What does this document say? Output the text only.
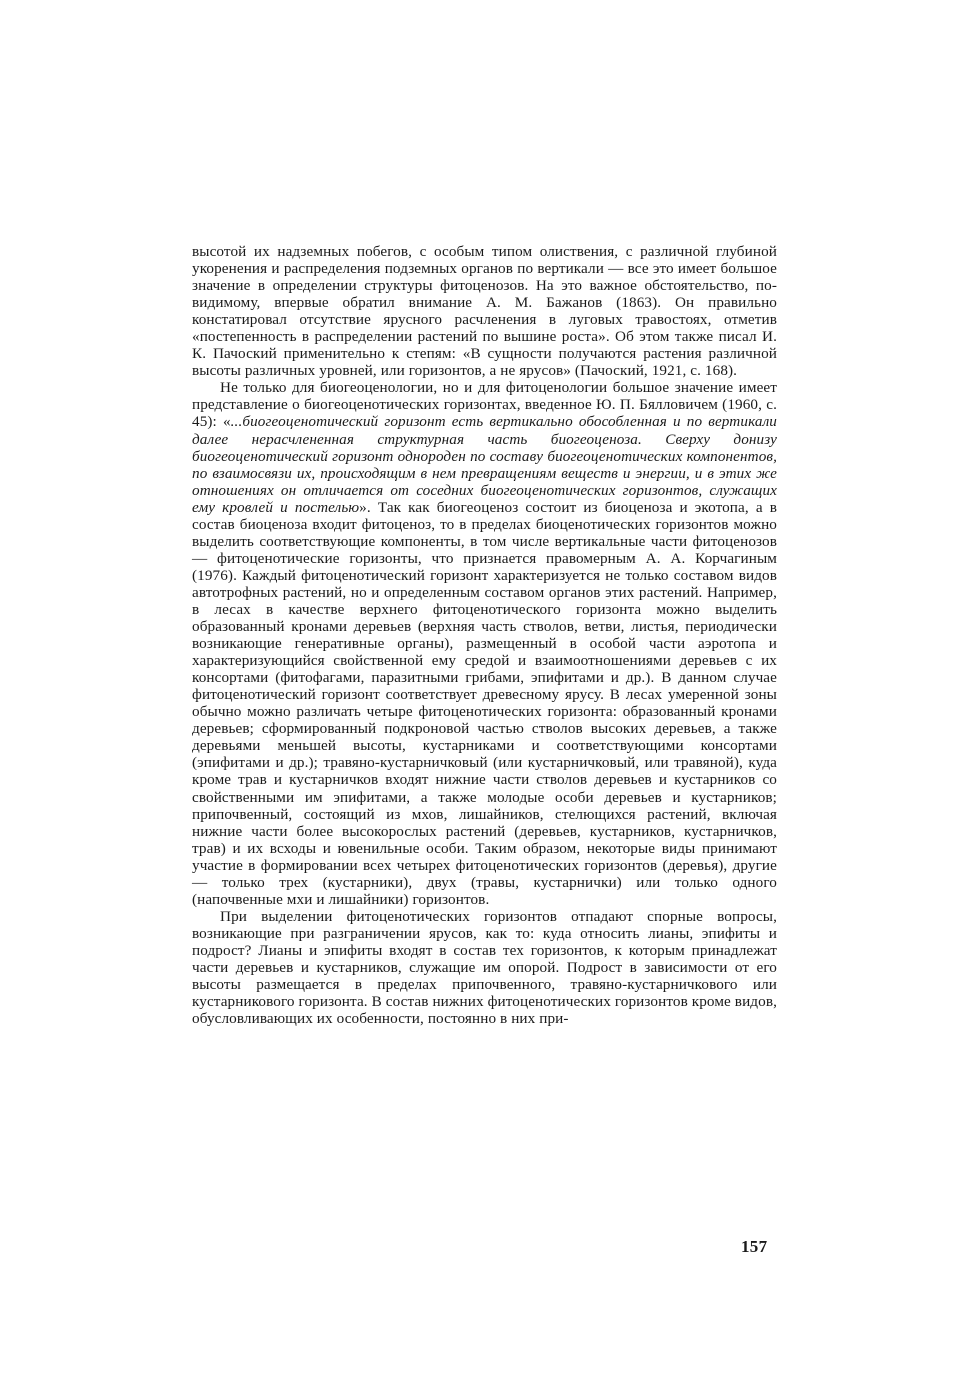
высотой их надземных побегов, с особым типом олиствения, с различной глубиной укоренения и распределения подземных органов по вертикали — все это имеет большое значение в определении структуры фитоценозов. На это важное обстоятельство, по-видимому, впервые обратил внимание А. М. Бажанов (1863). Он правильно констатировал отсутствие ярусного расчленения в луговых травостоях, отметив «постепенность в распределении растений по вышине роста». Об этом также писал И. К. Пачоский применительно к степям: «В сущности получаются растения различной высоты различных уровней, или горизонтов, а не ярусов» (Пачоский, 1921, с. 168).

Не только для биогеоценологии, но и для фитоценологии большое значение имеет представление о биогеоценотических горизонтах, введенное Ю. П. Бялловичем (1960, с. 45): «...биогеоценотический горизонт есть вертикально обособленная и по вертикали далее нерасчлененная структурная часть биогеоценоза. Сверху донизу биогеоценотический горизонт однороден по составу биогеоценотических компонентов, по взаимосвязи их, происходящим в нем превращениям веществ и энергии, и в этих же отношениях он отличается от соседних биогеоценотических горизонтов, служащих ему кровлей и постелью». Так как биогеоценоз состоит из биоценоза и экотопа, а в состав биоценоза входит фитоценоз, то в пределах биоценотических горизонтов можно выделить соответствующие компоненты, в том числе вертикальные части фитоценозов — фитоценотические горизонты, что признается правомерным А. А. Корчагиным (1976). Каждый фитоценотический горизонт характеризуется не только составом видов автотрофных растений, но и определенным составом органов этих растений. Например, в лесах в качестве верхнего фитоценотического горизонта можно выделить образованный кронами деревьев (верхняя часть стволов, ветви, листья, периодически возникающие генеративные органы), размещенный в особой части аэротопа и характеризующийся свойственной ему средой и взаимоотношениями деревьев с их консортами (фитофагами, паразитными грибами, эпифитами и др.). В данном случае фитоценотический горизонт соответствует древесному ярусу. В лесах умеренной зоны обычно можно различать четыре фитоценотических горизонта: образованный кронами деревьев; сформированный подкроновой частью стволов высоких деревьев, а также деревьями меньшей высоты, кустарниками и соответствующими консортами (эпифитами и др.); травяно-кустарничковый (или кустарничковый, или травяной), куда кроме трав и кустарничков входят нижние части стволов деревьев и кустарников со свойственными им эпифитами, а также молодые особи деревьев и кустарников; припочвенный, состоящий из мхов, лишайников, стелющихся растений, включая нижние части более высокорослых растений (деревьев, кустарников, кустарничков, трав) и их всходы и ювенильные особи. Таким образом, некоторые виды принимают участие в формировании всех четырех фитоценотических горизонтов (деревья), другие — только трех (кустарники), двух (травы, кустарнички) или только одного (напочвенные мхи и лишайники) горизонтов.

При выделении фитоценотических горизонтов отпадают спорные вопросы, возникающие при разграничении ярусов, как то: куда относить лианы, эпифиты и подрост? Лианы и эпифиты входят в состав тех горизонтов, к которым принадлежат части деревьев и кустарников, служащие им опорой. Подрост в зависимости от его высоты размещается в пределах припочвенного, травяно-кустарничкового или кустарникового горизонта. В состав нижних фитоценотических горизонтов кроме видов, обусловливающих их особенности, постоянно в них при-

157
